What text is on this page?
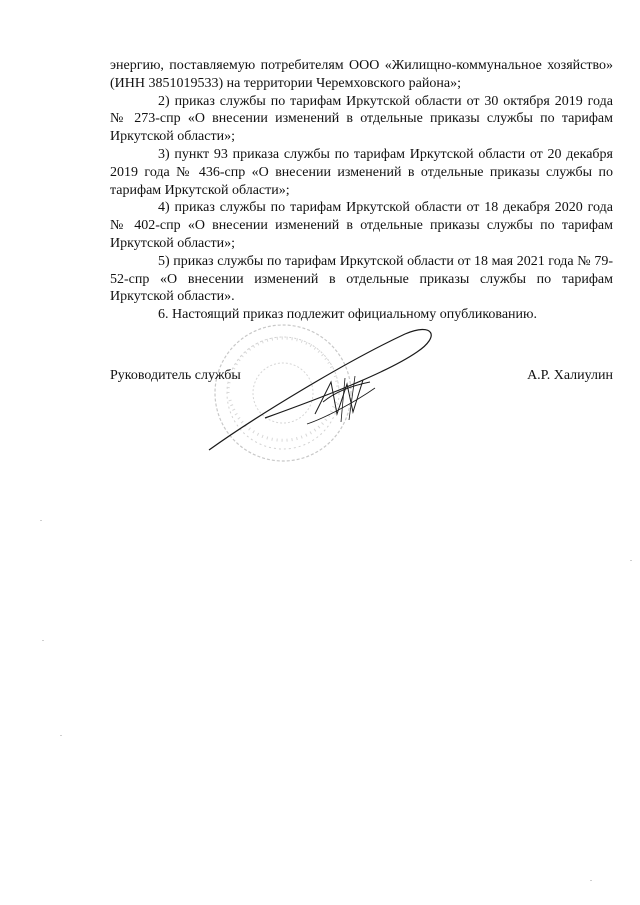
энергию, поставляемую потребителям ООО «Жилищно-коммунальное хозяйство» (ИНН 3851019533) на территории Черемховского района»;

2) приказ службы по тарифам Иркутской области от 30 октября 2019 года № 273-спр «О внесении изменений в отдельные приказы службы по тарифам Иркутской области»;

3) пункт 93 приказа службы по тарифам Иркутской области от 20 декабря 2019 года № 436-спр «О внесении изменений в отдельные приказы службы по тарифам Иркутской области»;

4) приказ службы по тарифам Иркутской области от 18 декабря 2020 года № 402-спр «О внесении изменений в отдельные приказы службы по тарифам Иркутской области»;

5) приказ службы по тарифам Иркутской области от 18 мая 2021 года № 79-52-спр «О внесении изменений в отдельные приказы службы по тарифам Иркутской области».

6. Настоящий приказ подлежит официальному опубликованию.

Руководитель службы	А.Р. Халиулин
